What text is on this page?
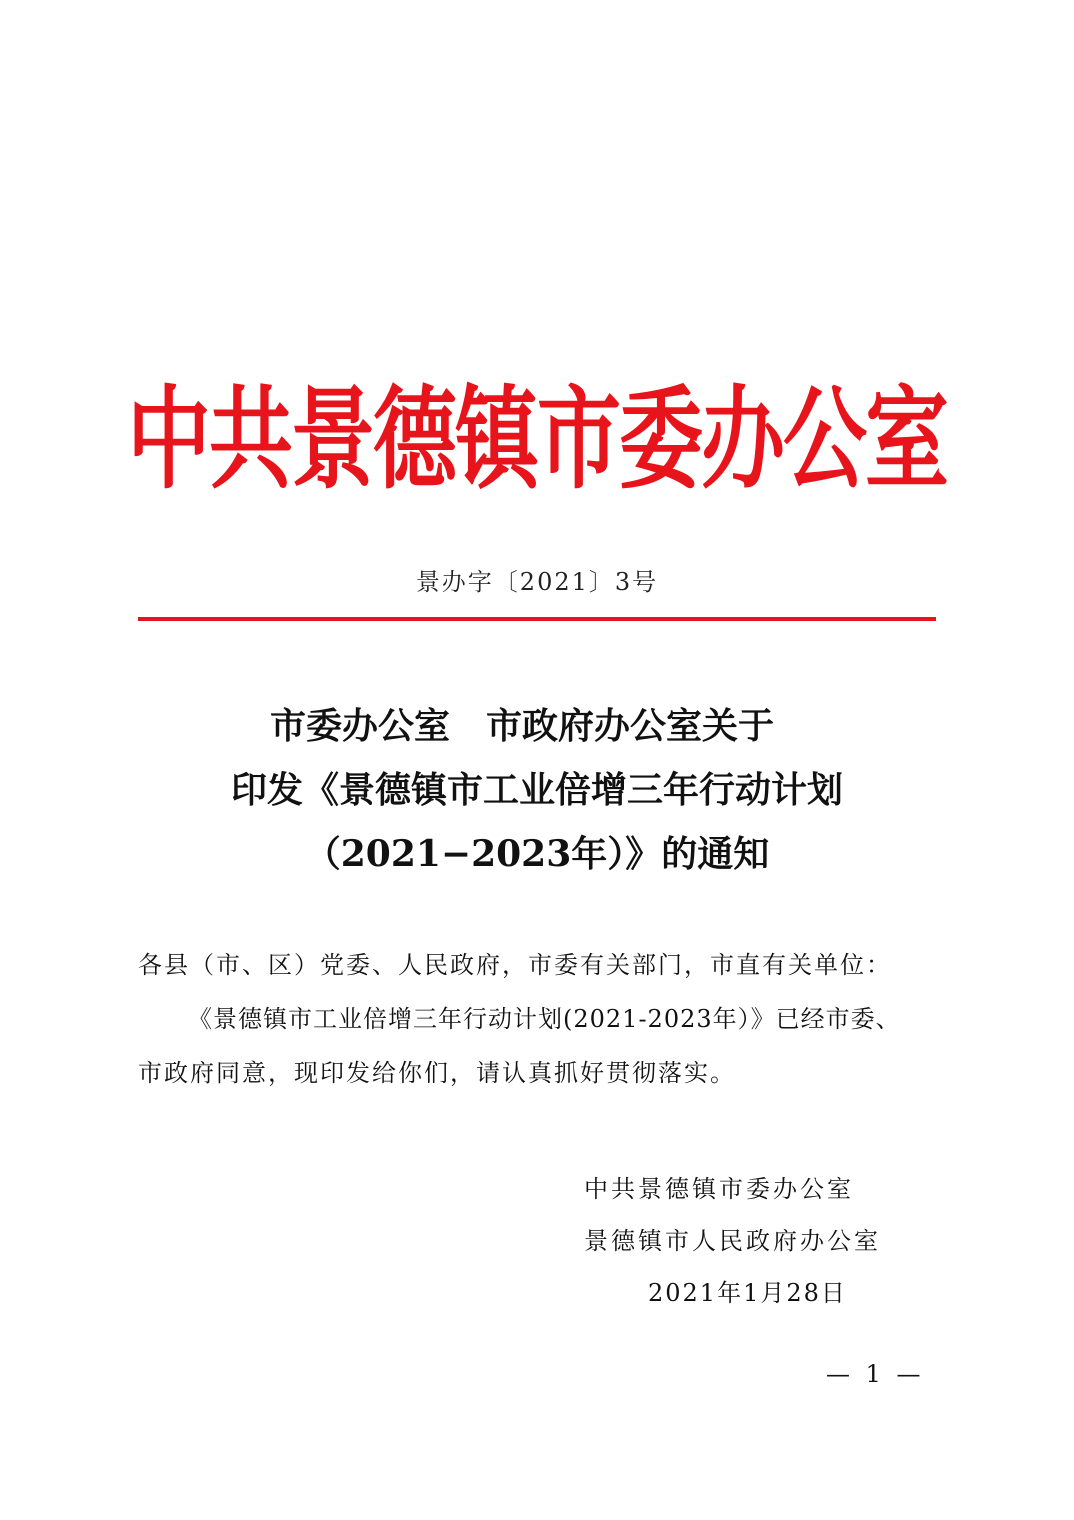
中共景德镇市委办公室
景办字〔2021〕3号
市委办公室　市政府办公室关于
印发《景德镇市工业倍增三年行动计划
（2021−2023年）》的通知
各县（市、区）党委、人民政府，市委有关部门，市直有关单位：
《景德镇市工业倍增三年行动计划(2021-2023年）》已经市委、
市政府同意，现印发给你们，请认真抓好贯彻落实。
中共景德镇市委办公室
景德镇市人民政府办公室
2021年1月28日
— 1 —
